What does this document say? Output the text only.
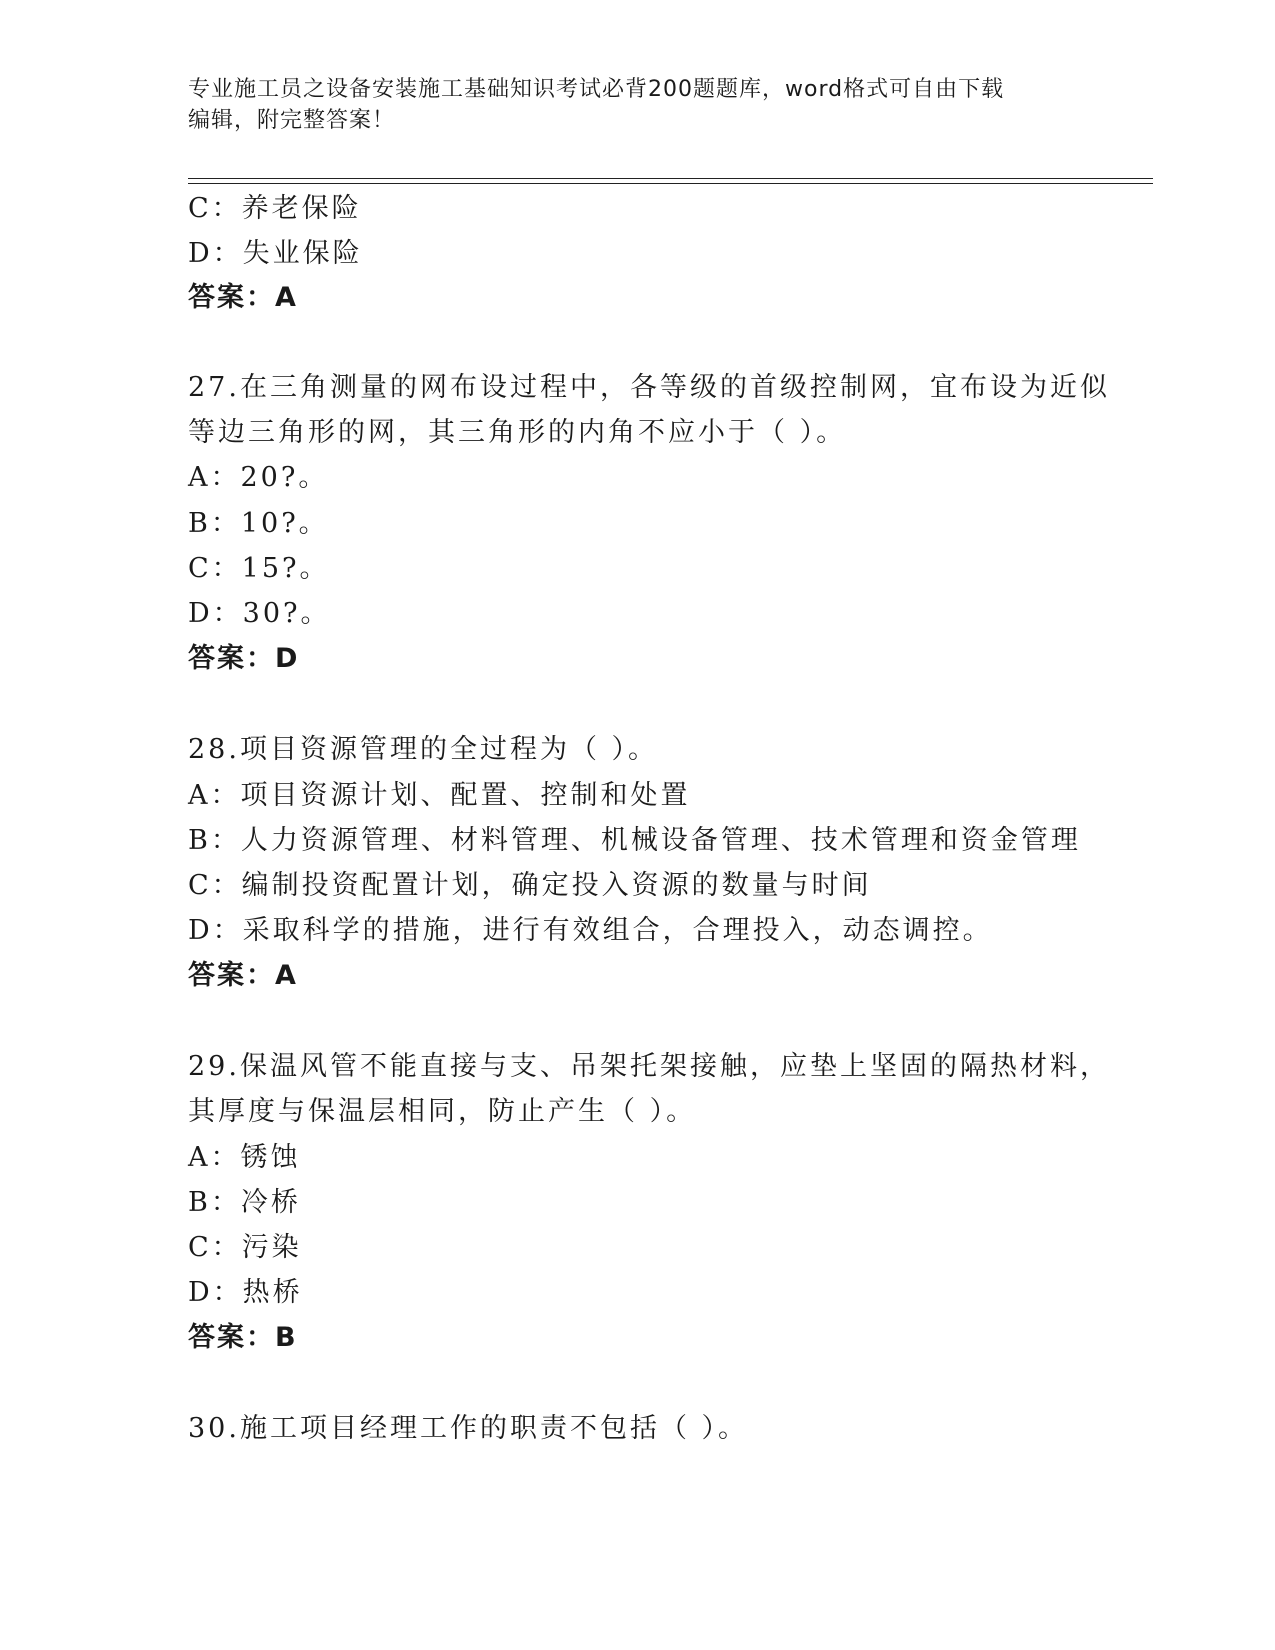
专业施工员之设备安装施工基础知识考试必背200题题库，word格式可自由下载
编辑，附完整答案！
C：养老保险
D：失业保险
答案：A
27.在三角测量的网布设过程中，各等级的首级控制网，宜布设为近似
等边三角形的网，其三角形的内角不应小于（ ）。
A：20?。
B：10?。
C：15?。
D：30?。
答案：D
28.项目资源管理的全过程为（ ）。
A：项目资源计划、配置、控制和处置
B：人力资源管理、材料管理、机械设备管理、技术管理和资金管理
C：编制投资配置计划，确定投入资源的数量与时间
D：采取科学的措施，进行有效组合，合理投入，动态调控。
答案：A
29.保温风管不能直接与支、吊架托架接触，应垫上坚固的隔热材料，
其厚度与保温层相同，防止产生（ ）。
A：锈蚀
B：冷桥
C：污染
D：热桥
答案：B
30.施工项目经理工作的职责不包括（ ）。
